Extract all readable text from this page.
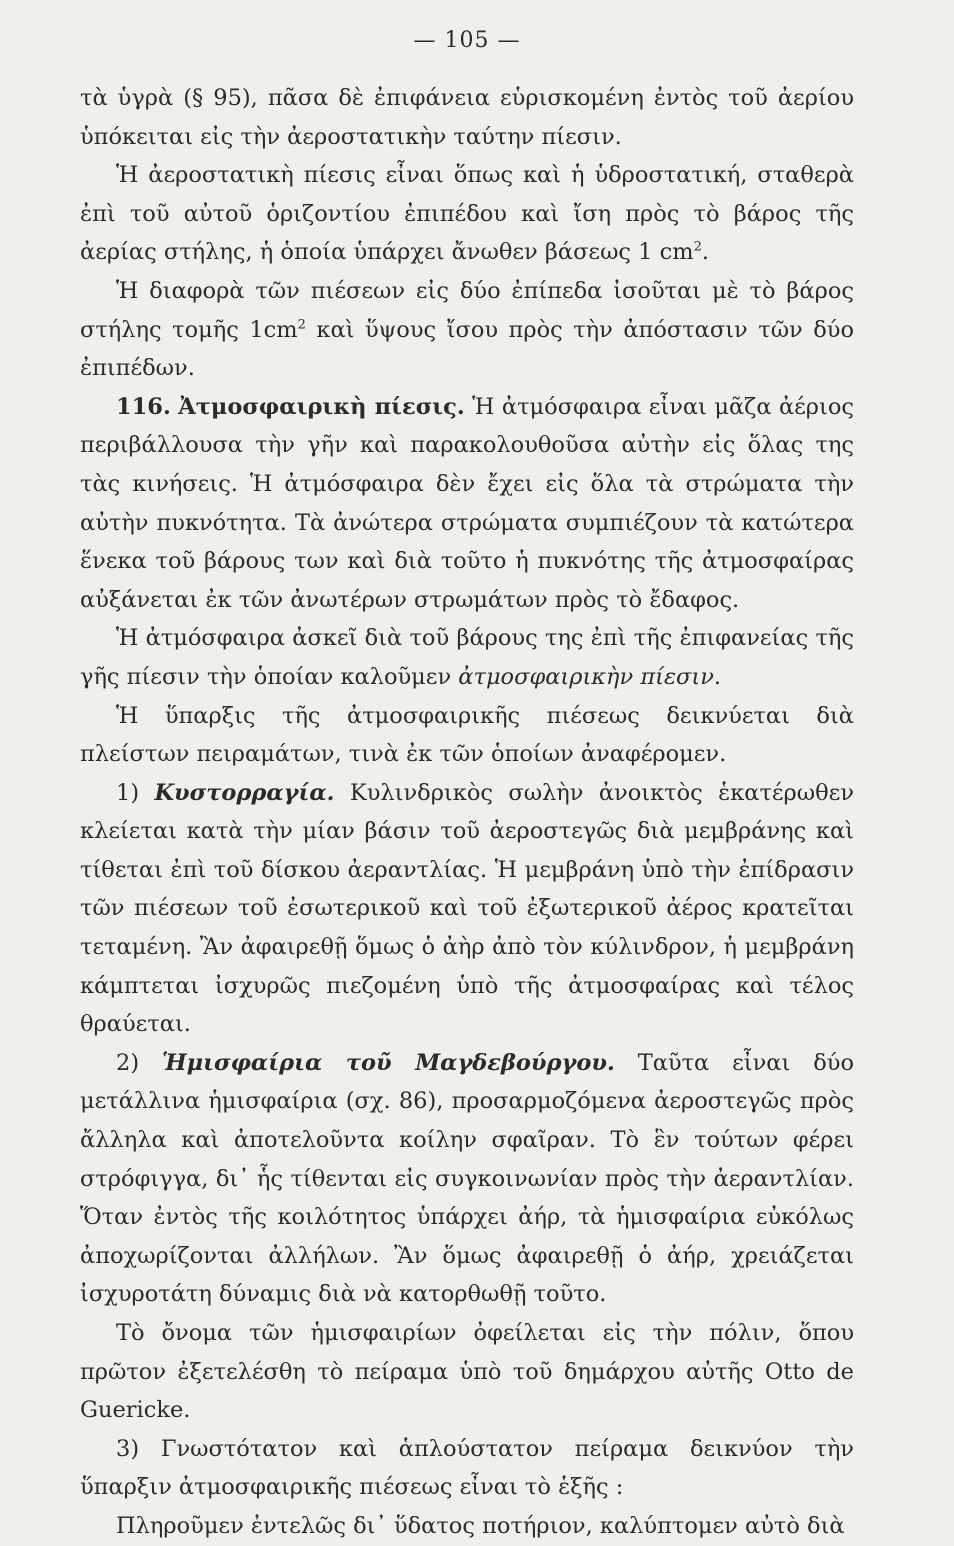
— 105 —

τὰ ὑγρὰ (§ 95), πᾶσα δὲ ἐπιφάνεια εὑρισκομένη ἐντὸς τοῦ ἀερίου ὑπόκειται εἰς τὴν ἀεροστατικὴν ταύτην πίεσιν.

Ἡ ἀεροστατικὴ πίεσις εἶναι ὅπως καὶ ἡ ὑδροστατική, σταθερὰ ἐπὶ τοῦ αὐτοῦ ὁριζοντίου ἐπιπέδου καὶ ἴση πρὸς τὸ βάρος τῆς ἀερίας στήλης, ἡ ὁποία ὑπάρχει ἄνωθεν βάσεως 1 $cm^2$.

Ἡ διαφορὰ τῶν πιέσεων εἰς δύο ἐπίπεδα ἰσοῦται μὲ τὸ βάρος στήλης τομῆς $1cm^2$ καὶ ὕψους ἴσου πρὸς τὴν ἀπόστασιν τῶν δύο ἐπιπέδων.

116. Ἀτμοσφαιρικὴ πίεσις. Ἡ ἀτμόσφαιρα εἶναι μᾶζα ἀέριος περιβάλλουσα τὴν γῆν καὶ παρακολουθοῦσα αὐτὴν εἰς ὅλας της τὰς κινήσεις. Ἡ ἀτμόσφαιρα δὲν ἔχει εἰς ὅλα τὰ στρώματα τὴν αὐτὴν πυκνότητα. Τὰ ἀνώτερα στρώματα συμπιέζουν τὰ κατώτερα ἕνεκα τοῦ βάρους των καὶ διὰ τοῦτο ἡ πυκνότης τῆς ἀτμοσφαίρας αὐξάνεται ἐκ τῶν ἀνωτέρων στρωμάτων πρὸς τὸ ἔδαφος.

Ἡ ἀτμόσφαιρα ἀσκεῖ διὰ τοῦ βάρους της ἐπὶ τῆς ἐπιφανείας τῆς γῆς πίεσιν τὴν ὁποίαν καλοῦμεν ἀτμοσφαιρικὴν πίεσιν.

Ἡ ὕπαρξις τῆς ἀτμοσφαιρικῆς πιέσεως δεικνύεται διὰ πλείστων πειραμάτων, τινὰ ἐκ τῶν ὁποίων ἀναφέρομεν.

1) Κυστορραγία. Κυλινδρικὸς σωλὴν ἀνοικτὸς ἑκατέρωθεν κλείεται κατὰ τὴν μίαν βάσιν τοῦ ἀεροστεγῶς διὰ μεμβράνης καὶ τίθεται ἐπὶ τοῦ δίσκου ἀεραντλίας. Ἡ μεμβράνη ὑπὸ τὴν ἐπίδρασιν τῶν πιέσεων τοῦ ἐσωτερικοῦ καὶ τοῦ ἐξωτερικοῦ ἀέρος κρατεῖται τεταμένη. Ἂν ἀφαιρεθῇ ὅμως ὁ ἀὴρ ἀπὸ τὸν κύλινδρον, ἡ μεμβράνη κάμπτεται ἰσχυρῶς πιεζομένη ὑπὸ τῆς ἀτμοσφαίρας καὶ τέλος θραύεται.

2) Ἡμισφαίρια τοῦ Μαγδεβούργου. Ταῦτα εἶναι δύο μετάλλινα ἡμισφαίρια (σχ. 86), προσαρμοζόμενα ἀεροστεγῶς πρὸς ἄλληλα καὶ ἀποτελοῦντα κοίλην σφαῖραν. Τὸ ἓν τούτων φέρει στρόφιγγα, δι᾽ ἧς τίθενται εἰς συγκοινωνίαν πρὸς τὴν ἀεραντλίαν. Ὅταν ἐντὸς τῆς κοιλότητος ὑπάρχει ἀήρ, τὰ ἡμισφαίρια εὐκόλως ἀποχωρίζονται ἀλλήλων. Ἂν ὅμως ἀφαιρεθῇ ὁ ἀήρ, χρειάζεται ἰσχυροτάτη δύναμις διὰ νὰ κατορθωθῇ τοῦτο.

Τὸ ὄνομα τῶν ἡμισφαιρίων ὀφείλεται εἰς τὴν πόλιν, ὅπου πρῶτον ἐξετελέσθη τὸ πείραμα ὑπὸ τοῦ δημάρχου αὐτῆς Otto de Guericke.

3) Γνωστότατον καὶ ἁπλούστατον πείραμα δεικνύον τὴν ὕπαρξιν ἀτμοσφαιρικῆς πιέσεως εἶναι τὸ ἑξῆς :

Πληροῦμεν ἐντελῶς δι᾽ ὕδατος ποτήριον, καλύπτομεν αὐτὸ διὰ
